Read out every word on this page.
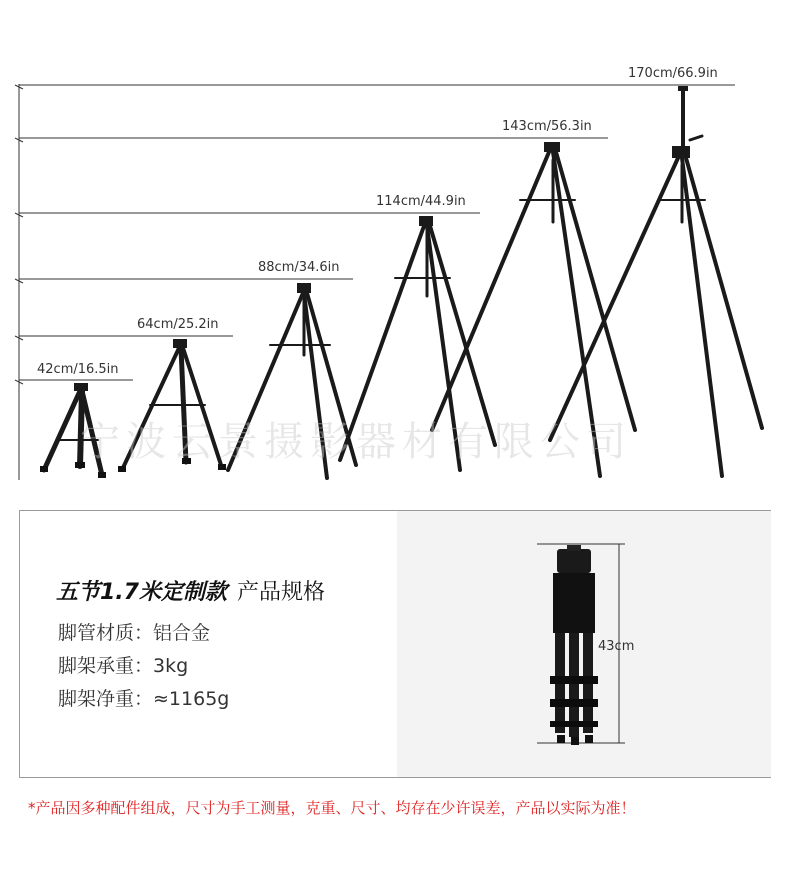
42cm/16.5in
64cm/25.2in
88cm/34.6in
114cm/44.9in
143cm/56.3in
170cm/66.9in
宁波云景摄影器材有限公司
五节1.7米定制款 产品规格
脚管材质：铝合金
脚架承重：3kg
脚架净重：≈1165g
43cm
*产品因多种配件组成，尺寸为手工测量，克重、尺寸、均存在少许误差，产品以实际为准！
